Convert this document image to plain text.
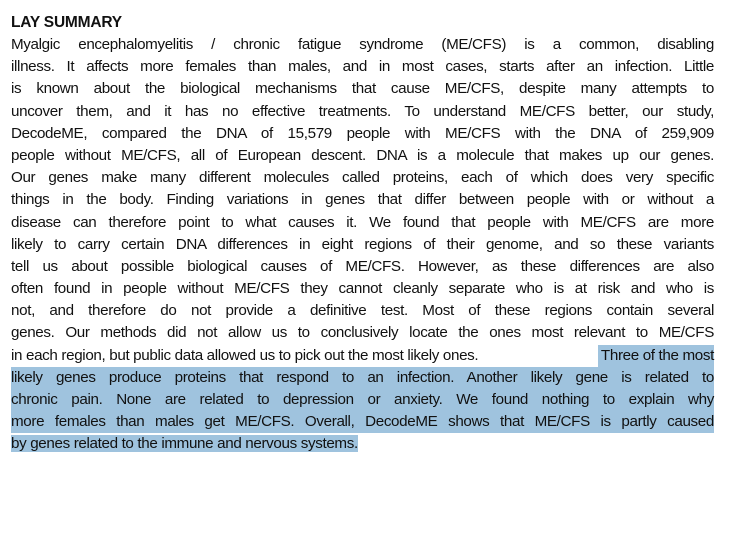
LAY SUMMARY
Myalgic encephalomyelitis / chronic fatigue syndrome (ME/CFS) is a common, disabling
illness. It affects more females than males, and in most cases, starts after an infection. Little
is known about the biological mechanisms that cause ME/CFS, despite many attempts to
uncover them, and it has no effective treatments. To understand ME/CFS better, our study,
DecodeME, compared the DNA of 15,579 people with ME/CFS with the DNA of 259,909
people without ME/CFS, all of European descent. DNA is a molecule that makes up our genes.
Our genes make many different molecules called proteins, each of which does very specific
things in the body. Finding variations in genes that differ between people with or without a
disease can therefore point to what causes it. We found that people with ME/CFS are more
likely to carry certain DNA differences in eight regions of their genome, and so these variants
tell us about possible biological causes of ME/CFS. However, as these differences are also
often found in people without ME/CFS they cannot cleanly separate who is at risk and who is
not, and therefore do not provide a definitive test. Most of these regions contain several
genes. Our methods did not allow us to conclusively locate the ones most relevant to ME/CFS
in each region, but public data allowed us to pick out the most likely ones.	Three of the most
likely genes produce proteins that respond to an infection. Another likely gene is related to
chronic pain. None are related to depression or anxiety. We found nothing to explain why
more females than males get ME/CFS. Overall, DecodeME shows that ME/CFS is partly caused
by genes related to the immune and nervous systems.
